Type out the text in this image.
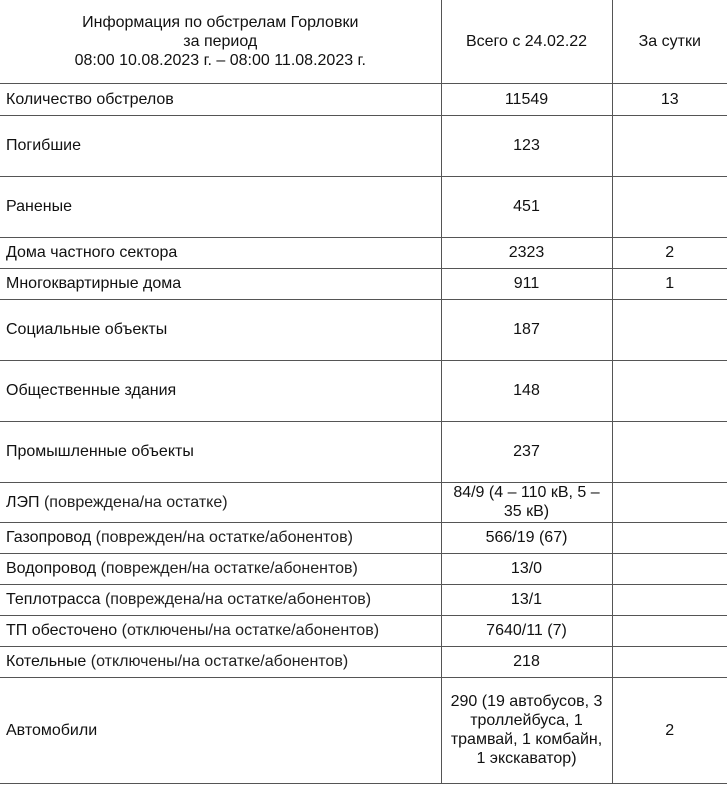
Информация по обстрелам Горловки
за период
08:00 10.08.2023 г. – 08:00 11.08.2023 г.	Всего с 24.02.22	За сутки
Количество обстрелов	11549	13
Погибшие	123	
Раненые	451	
Дома частного сектора	2323	2
Многоквартирные дома	911	1
Социальные объекты	187	
Общественные здания	148	
Промышленные объекты	237	
ЛЭП (повреждена/на остатке)	84/9 (4 – 110 кВ, 5 – 35 кВ)	
Газопровод (поврежден/на остатке/абонентов)	566/19 (67)	
Водопровод (поврежден/на остатке/абонентов)	13/0	
Теплотрасса (повреждена/на остатке/абонентов)	13/1	
ТП обесточено (отключены/на остатке/абонентов)	7640/11 (7)	
Котельные (отключены/на остатке/абонентов)	218	
Автомобили	290 (19 автобусов, 3 троллейбуса, 1 трамвай, 1 комбайн, 1 экскаватор)	2
